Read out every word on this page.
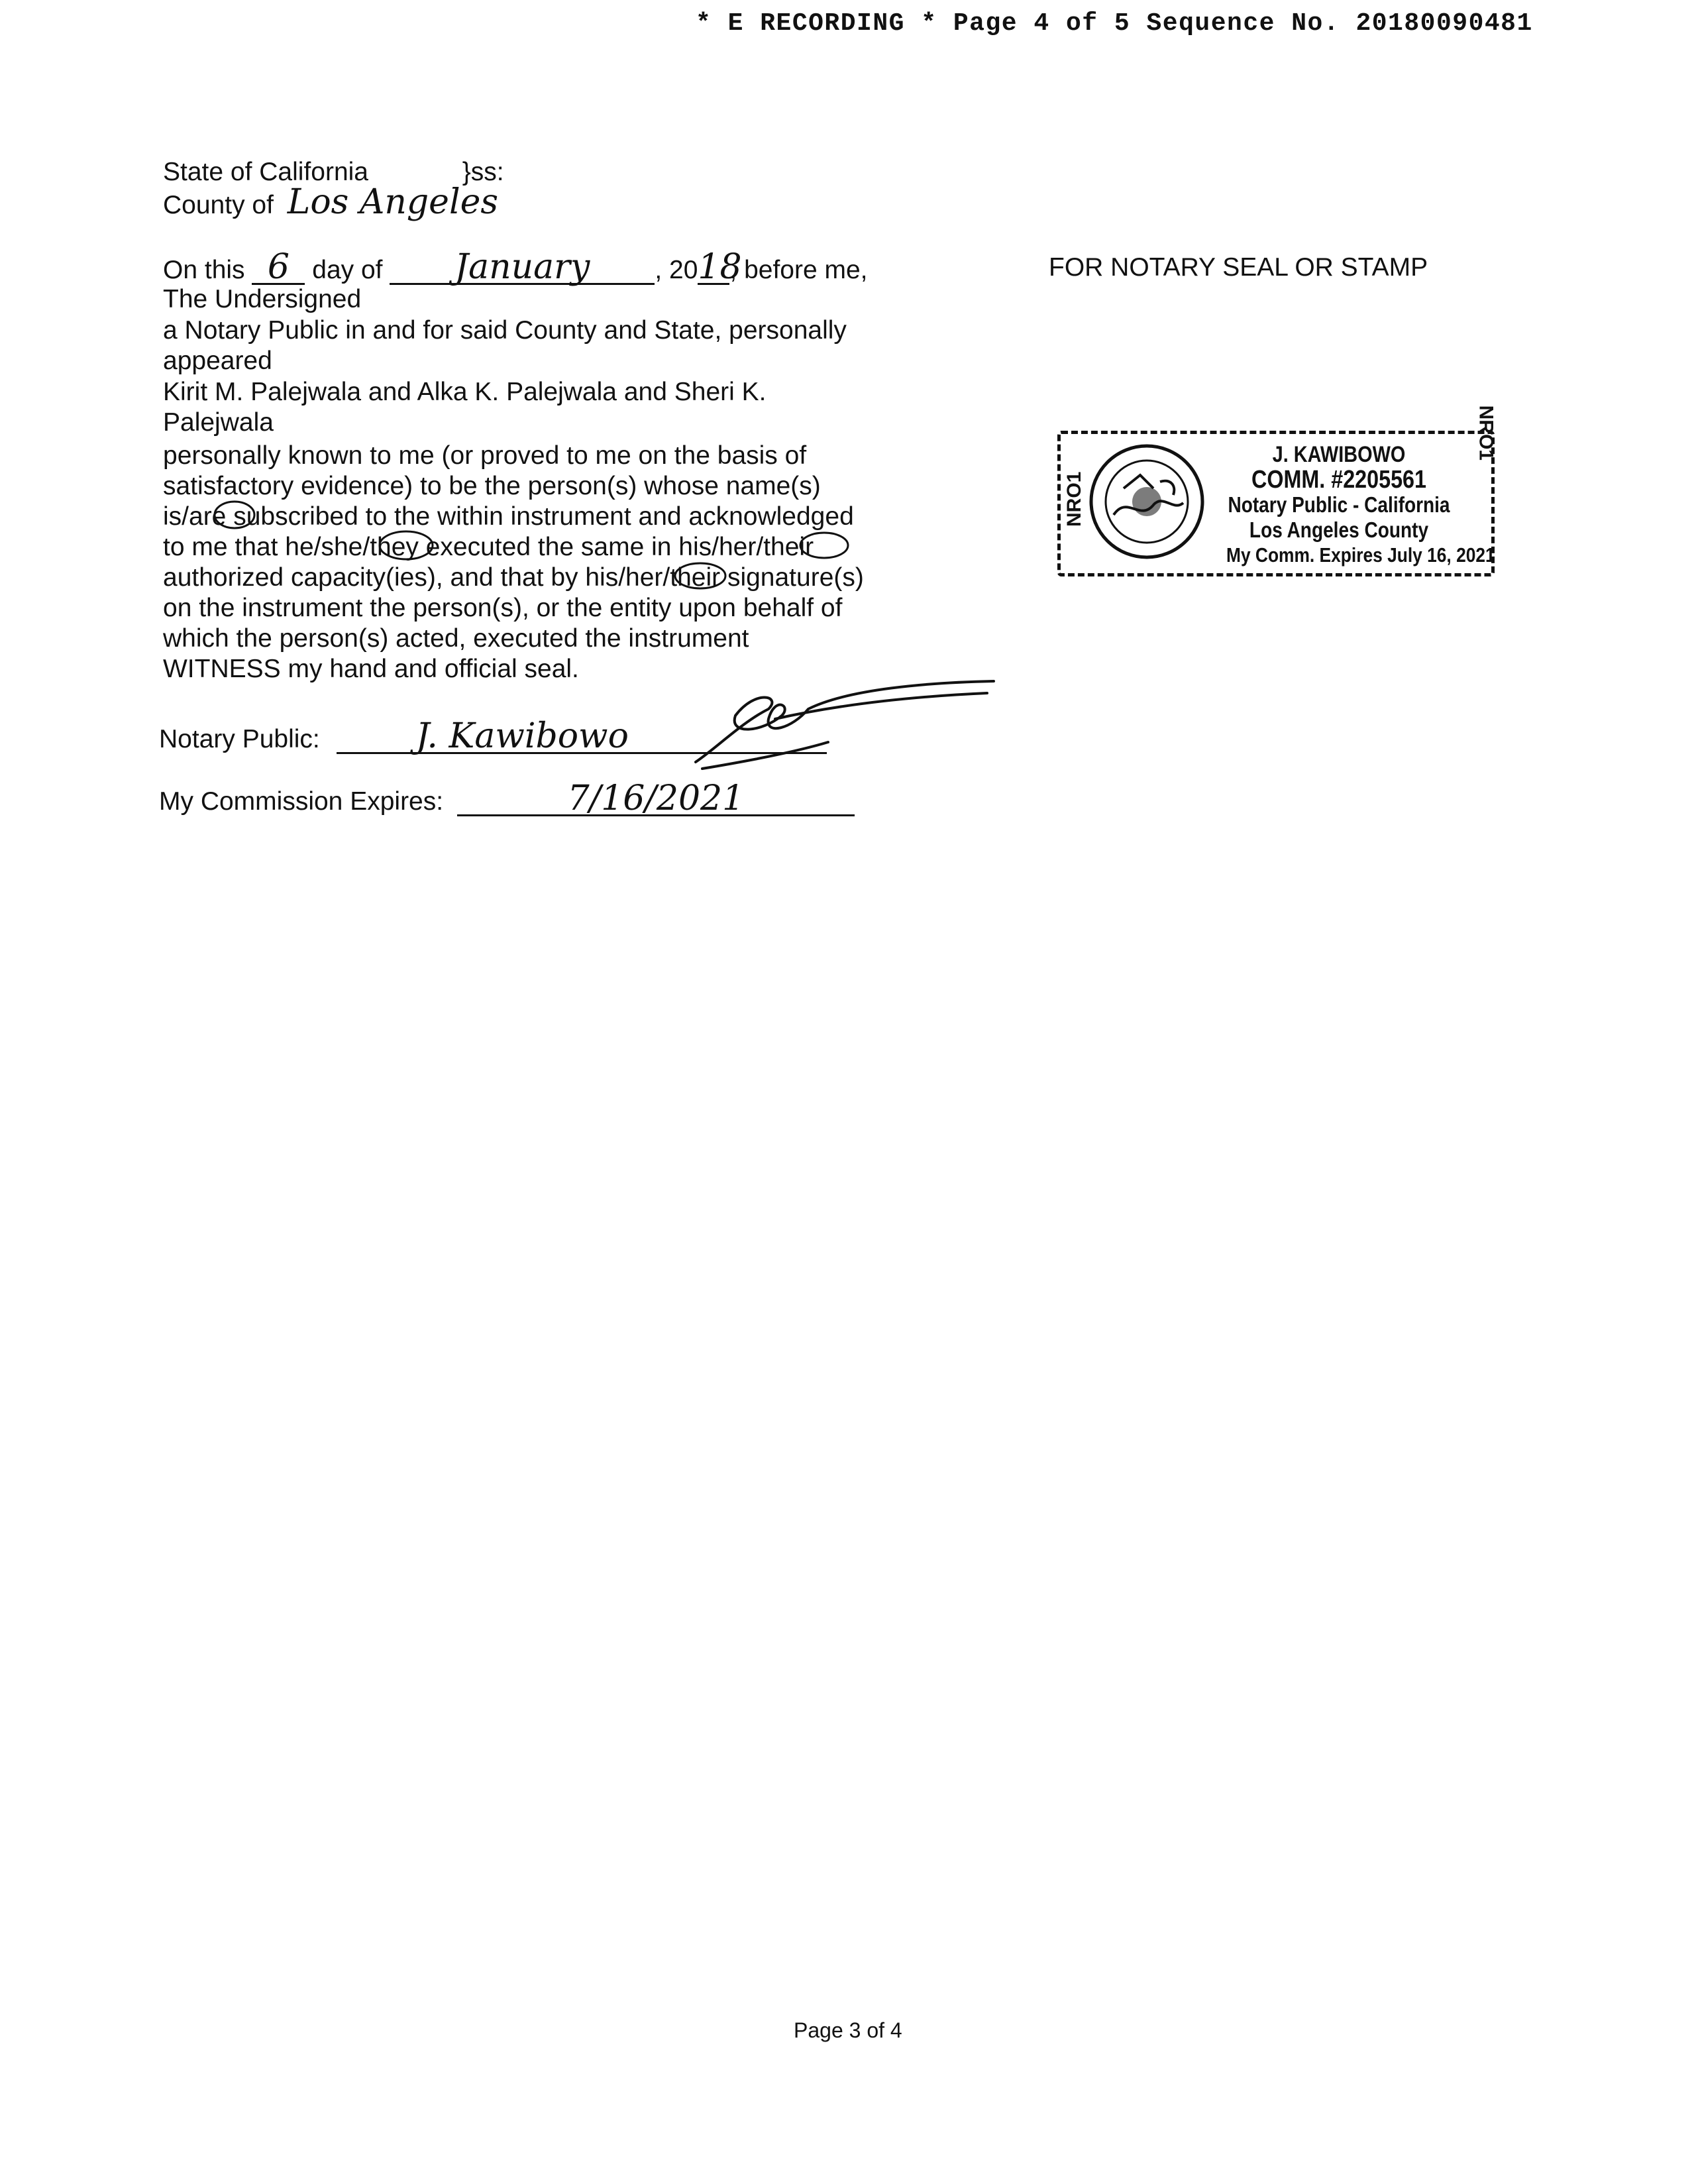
* E RECORDING * Page 4 of 5 Sequence No. 20180090481
State of California	}ss:
County of Los Angeles
On this 6 day of January	, 2018, before me,
The Undersigned
a Notary Public in and for said County and State, personally
appeared
Kirit M. Palejwala and Alka K. Palejwala and Sheri K.
Palejwala
personally known to me (or proved to me on the basis of
satisfactory evidence) to be the person(s) whose name(s)
is/are subscribed to the within instrument and acknowledged
to me that he/she/they executed the same in his/her/their
authorized capacity(ies), and that by his/her/their signature(s)
on the instrument the person(s), or the entity upon behalf of
which the person(s) acted, executed the instrument
WITNESS my hand and official seal.
Notary Public:	J. Kawibowo
My Commission Expires:	7/16/2021
FOR NOTARY SEAL OR STAMP
NRO1
NRO1
J. KAWIBOWO
COMM. #2205561
Notary Public - California
Los Angeles County
My Comm. Expires July 16, 2021
Page 3 of 4
